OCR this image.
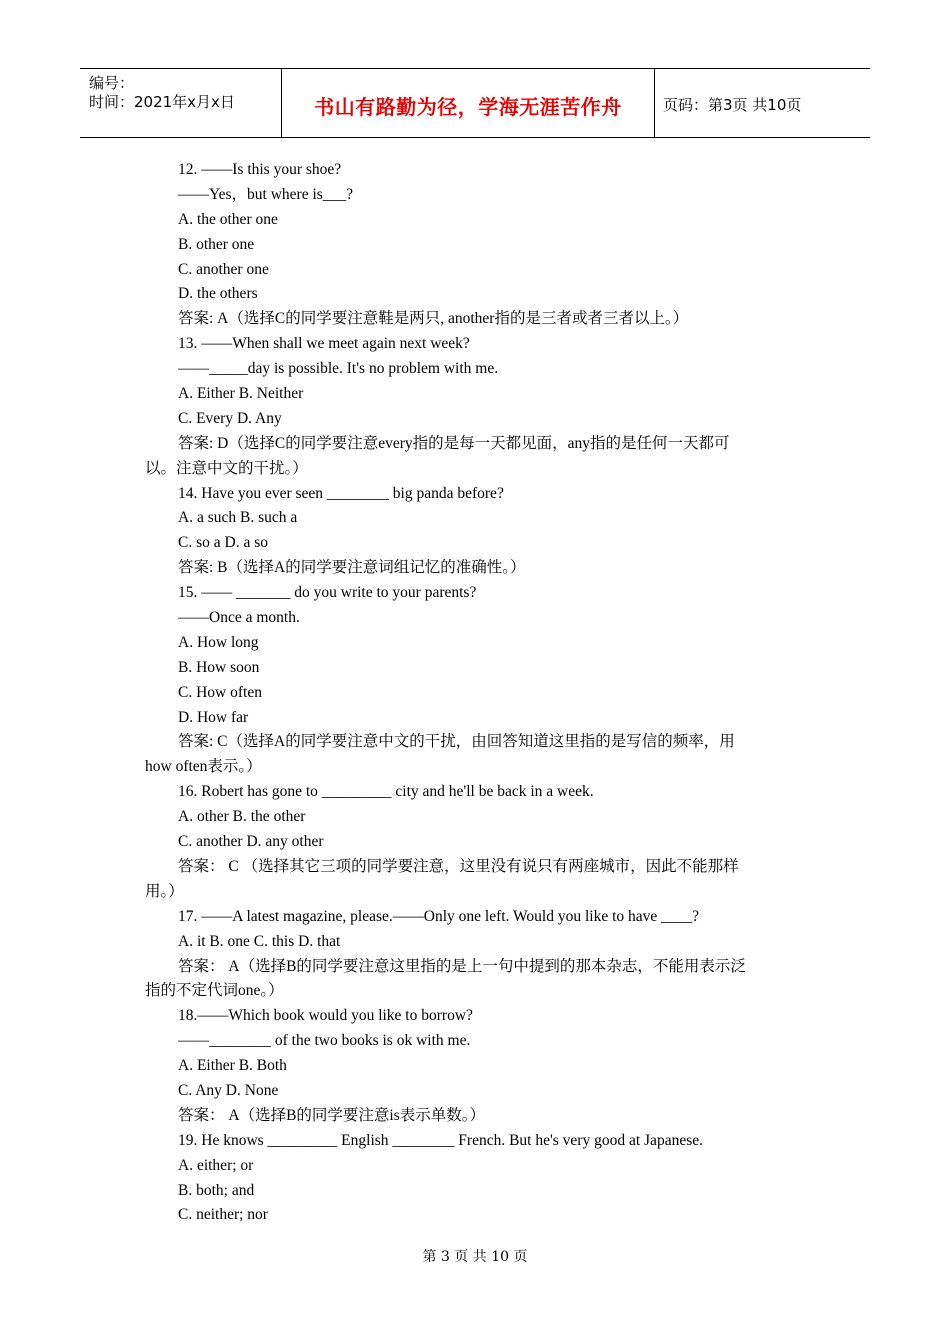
编号：
时间：2021年x月x日	书山有路勤为径，学海无涯苦作舟	页码：第3页 共10页
12. ——Is this your shoe?
——Yes，but where is___?
A. the other one
B. other one
C. another one
D. the others
答案: A（选择C的同学要注意鞋是两只, another指的是三者或者三者以上。）
13. ——When shall we meet again next week?
——_____day is possible. It's no problem with me.
A. Either B. Neither
C. Every D. Any
答案: D（选择C的同学要注意every指的是每一天都见面，any指的是任何一天都可
以。注意中文的干扰。）
14. Have you ever seen ________ big panda before?
A. a such B. such a
C. so a D. a so
答案: B（选择A的同学要注意词组记忆的准确性。）
15. —— _______ do you write to your parents?
——Once a month.
A. How long
B. How soon
C. How often
D. How far
答案: C（选择A的同学要注意中文的干扰，由回答知道这里指的是写信的频率，用
how often表示。）
16. Robert has gone to _________ city and he'll be back in a week.
A. other B. the other
C. another D. any other
答案： C （选择其它三项的同学要注意，这里没有说只有两座城市，因此不能那样
用。）
17. ——A latest magazine, please.——Only one left. Would you like to have ____?
A. it B. one C. this D. that
答案： A（选择B的同学要注意这里指的是上一句中提到的那本杂志，不能用表示泛
指的不定代词one。）
18.——Which book would you like to borrow?
——________ of the two books is ok with me.
A. Either B. Both
C. Any D. None
答案： A（选择B的同学要注意is表示单数。）
19. He knows _________ English ________ French. But he's very good at Japanese.
A. either; or
B. both; and
C. neither; nor
第 3 页 共 10 页
